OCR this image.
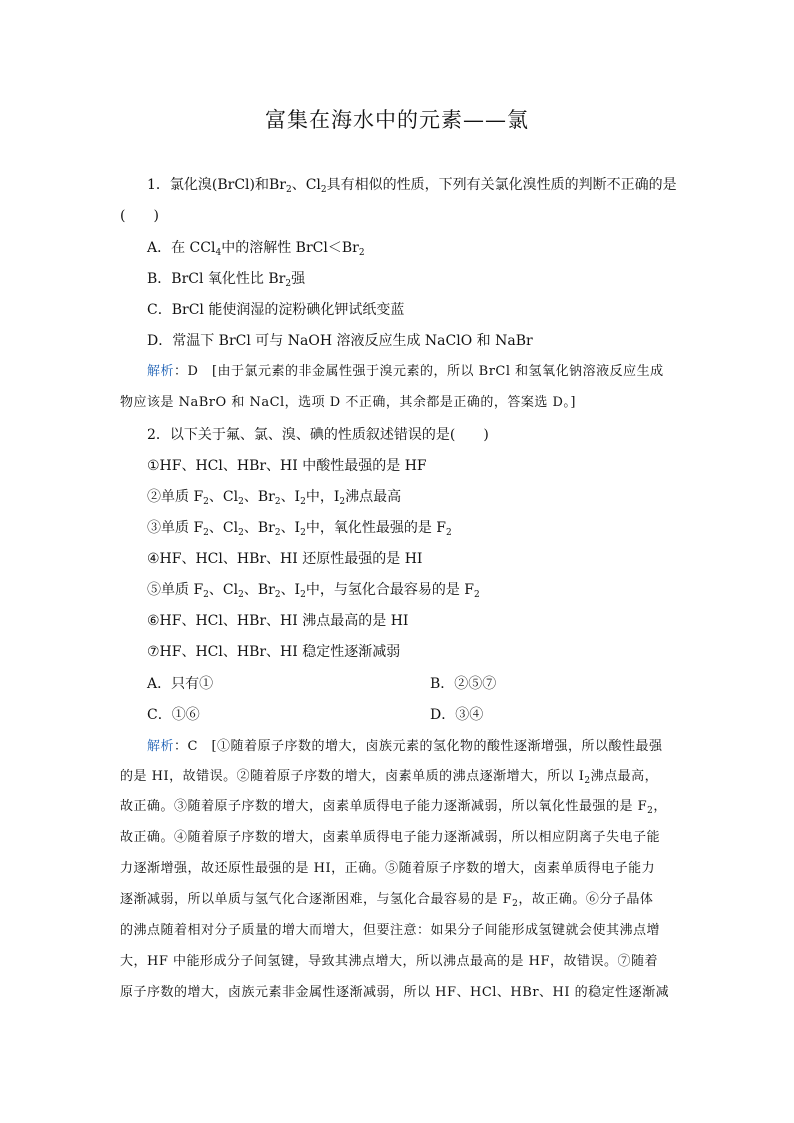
富集在海水中的元素——氯
1．氯化溴(BrCl)和$Br_2$、$Cl_2$具有相似的性质，下列有关氯化溴性质的判断不正确的是
(　　)
A．在 CCl$_4$中的溶解性 $BrCl<Br_2$
B．BrCl 氧化性比 $Br_2$强
C．BrCl 能使润湿的淀粉碘化钾试纸变蓝
D．常温下 BrCl 可与 NaOH 溶液反应生成 NaClO 和 NaBr
解析：D　[由于氯元素的非金属性强于溴元素的，所以 BrCl 和氢氧化钠溶液反应生成
物应该是 NaBrO 和 NaCl，选项 D 不正确，其余都是正确的，答案选 D。]
2．以下关于氟、氯、溴、碘的性质叙述错误的是(　　)
①HF、HCl、HBr、HI 中酸性最强的是 HF
②单质 $F_2$、$Cl_2$、$Br_2$、$I_2$中，$I_2$沸点最高
③单质 $F_2$、$Cl_2$、$Br_2$、$I_2$中，氧化性最强的是 $F_2$
④HF、HCl、HBr、HI 还原性最强的是 HI
⑤单质 $F_2$、$Cl_2$、$Br_2$、$I_2$中，与氢化合最容易的是 $F_2$
⑥HF、HCl、HBr、HI 沸点最高的是 HI
⑦HF、HCl、HBr、HI 稳定性逐渐减弱
A．只有①	B．②⑤⑦
C．①⑥	D．③④
解析：C　[①随着原子序数的增大，卤族元素的氢化物的酸性逐渐增强，所以酸性最强
的是 HI，故错误。②随着原子序数的增大，卤素单质的沸点逐渐增大，所以 $I_2$沸点最高，
故正确。③随着原子序数的增大，卤素单质得电子能力逐渐减弱，所以氧化性最强的是 $F_2$，
故正确。④随着原子序数的增大，卤素单质得电子能力逐渐减弱，所以相应阴离子失电子能
力逐渐增强，故还原性最强的是 HI，正确。⑤随着原子序数的增大，卤素单质得电子能力
逐渐减弱，所以单质与氢气化合逐渐困难，与氢化合最容易的是 $F_2$，故正确。⑥分子晶体
的沸点随着相对分子质量的增大而增大，但要注意：如果分子间能形成氢键就会使其沸点增
大，HF 中能形成分子间氢键，导致其沸点增大，所以沸点最高的是 HF，故错误。⑦随着
原子序数的增大，卤族元素非金属性逐渐减弱，所以 HF、HCl、HBr、HI 的稳定性逐渐减
